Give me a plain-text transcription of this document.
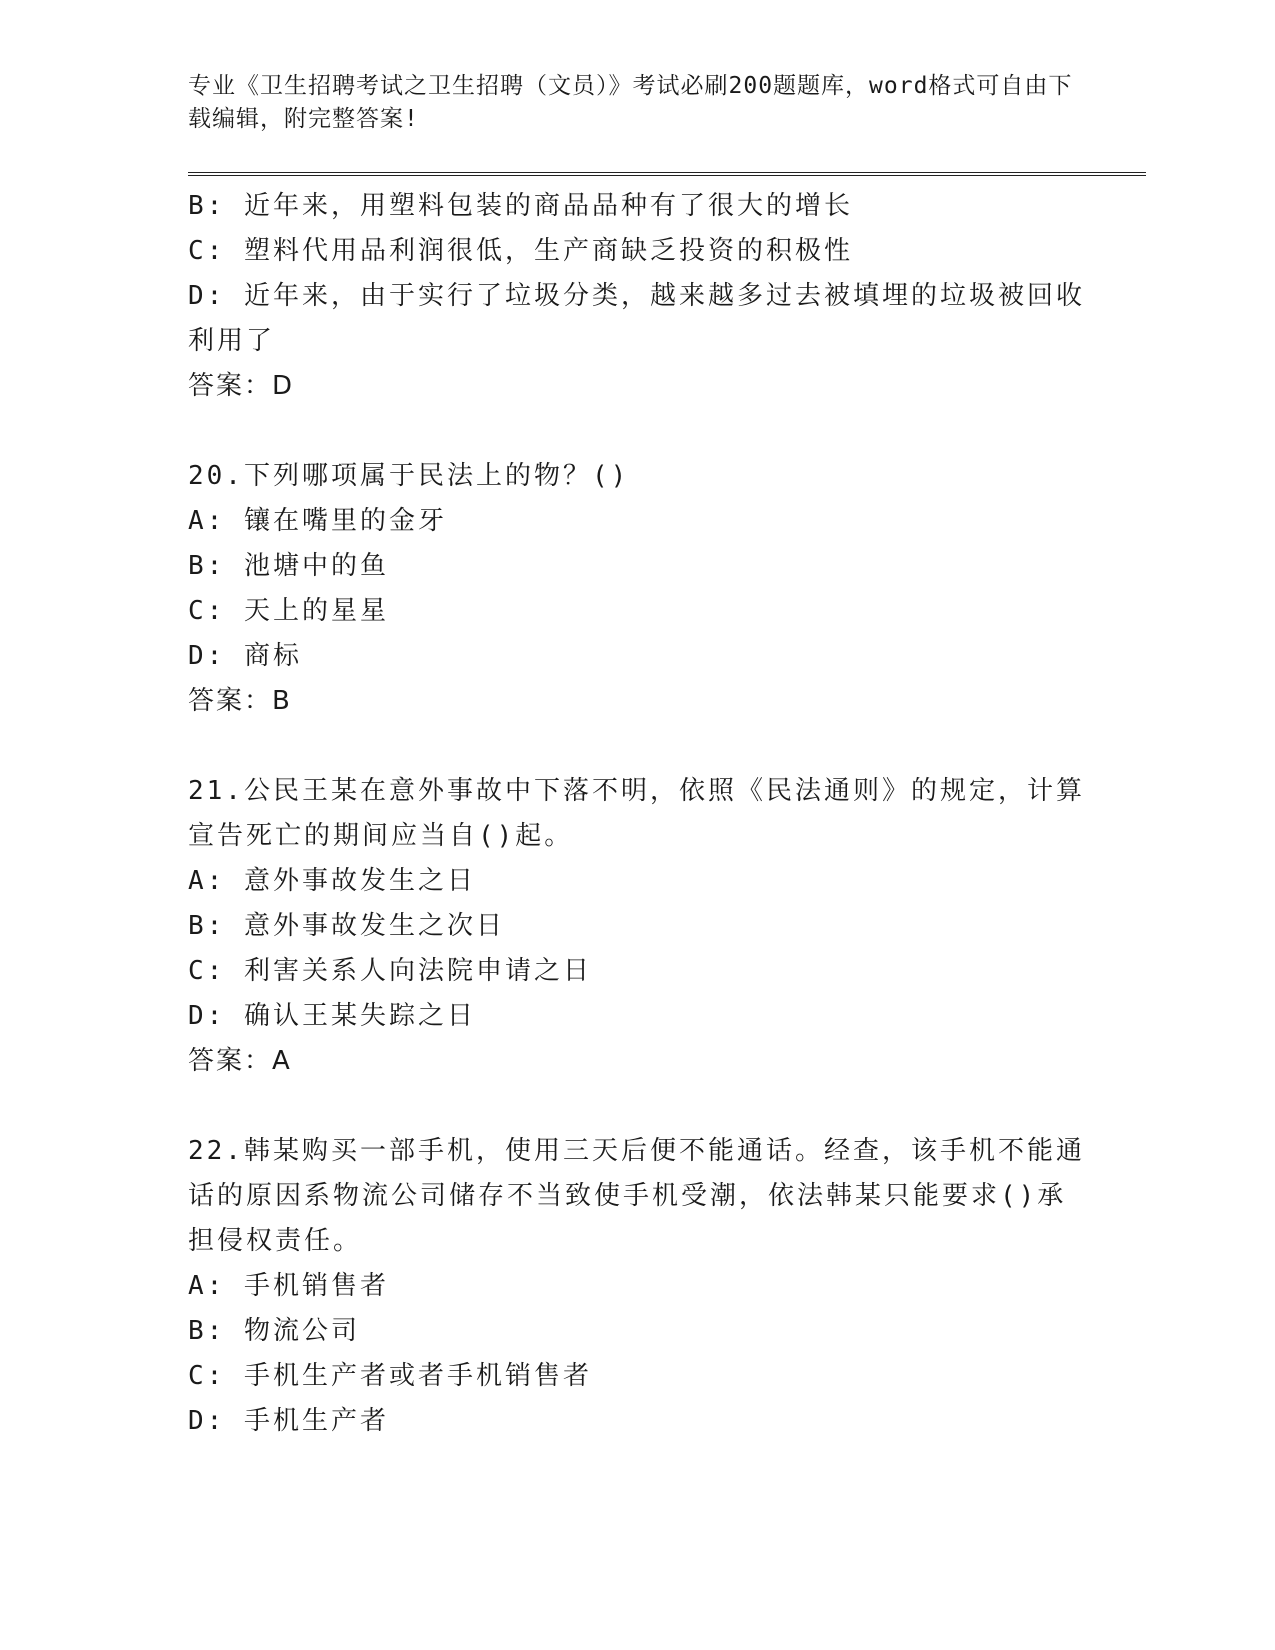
专业《卫生招聘考试之卫生招聘（文员）》考试必刷200题题库，word格式可自由下载编辑，附完整答案!
B: 近年来，用塑料包装的商品品种有了很大的增长
C: 塑料代用品利润很低，生产商缺乏投资的积极性
D: 近年来，由于实行了垃圾分类，越来越多过去被填埋的垃圾被回收利用了
答案：D
20.下列哪项属于民法上的物？()
A: 镶在嘴里的金牙
B: 池塘中的鱼
C: 天上的星星
D: 商标
答案：B
21.公民王某在意外事故中下落不明，依照《民法通则》的规定，计算宣告死亡的期间应当自()起。
A: 意外事故发生之日
B: 意外事故发生之次日
C: 利害关系人向法院申请之日
D: 确认王某失踪之日
答案：A
22.韩某购买一部手机，使用三天后便不能通话。经查，该手机不能通话的原因系物流公司储存不当致使手机受潮，依法韩某只能要求()承担侵权责任。
A: 手机销售者
B: 物流公司
C: 手机生产者或者手机销售者
D: 手机生产者
